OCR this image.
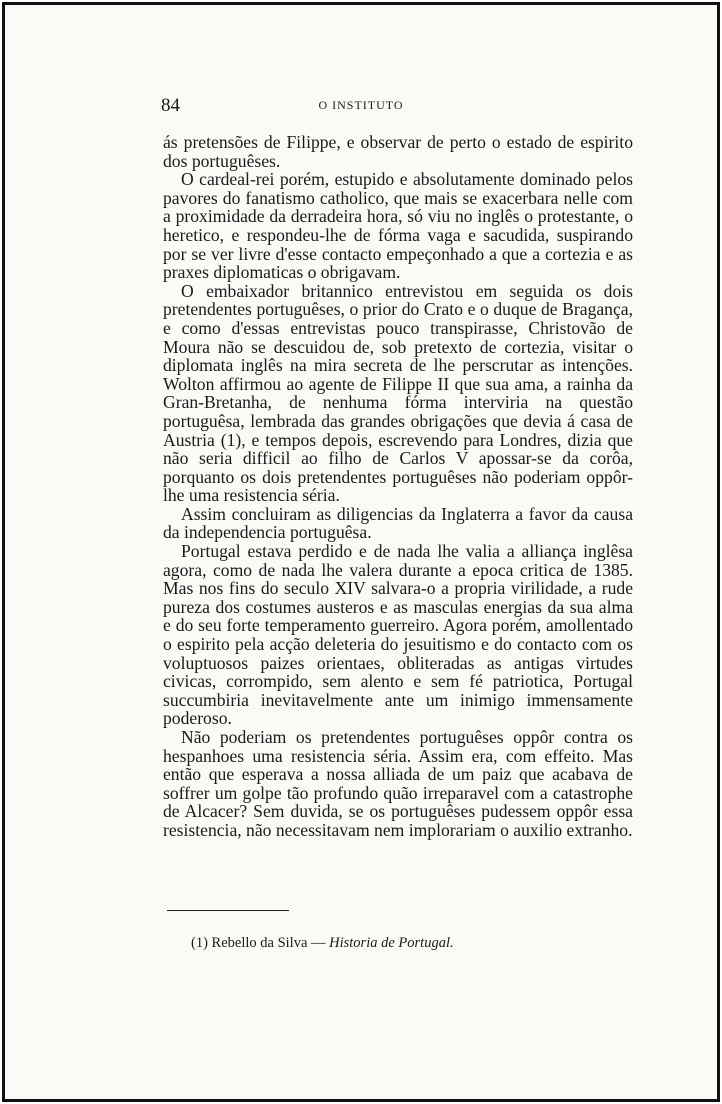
84	O INSTITUTO

ás pretensões de Filippe, e observar de perto o estado de espirito dos portuguêses.

O cardeal-rei porém, estupido e absolutamente dominado pelos pavores do fanatismo catholico, que mais se exacerbara nelle com a proximidade da derradeira hora, só viu no inglês o protestante, o heretico, e respondeu-lhe de fórma vaga e sacudida, suspirando por se ver livre d'esse contacto empeçonhado a que a cortezia e as praxes diplomaticas o obrigavam.

O embaixador britannico entrevistou em seguida os dois pretendentes portuguêses, o prior do Crato e o duque de Bragança, e como d'essas entrevistas pouco transpirasse, Christovão de Moura não se descuidou de, sob pretexto de cortezia, visitar o diplomata inglês na mira secreta de lhe perscrutar as intenções. Wolton affirmou ao agente de Filippe II que sua ama, a rainha da Gran-Bretanha, de nenhuma fórma interviria na questão portuguêsa, lembrada das grandes obrigações que devia á casa de Austria (1), e tempos depois, escrevendo para Londres, dizia que não seria difficil ao filho de Carlos V apossar-se da corôa, porquanto os dois pretendentes portuguêses não poderiam oppôr-lhe uma resistencia séria.

Assim concluiram as diligencias da Inglaterra a favor da causa da independencia portuguêsa.

Portugal estava perdido e de nada lhe valia a alliança inglêsa agora, como de nada lhe valera durante a epoca critica de 1385. Mas nos fins do seculo XIV salvara-o a propria virilidade, a rude pureza dos costumes austeros e as masculas energias da sua alma e do seu forte temperamento guerreiro. Agora porém, amollentado o espirito pela acção deleteria do jesuitismo e do contacto com os voluptuosos paizes orientaes, obliteradas as antigas virtudes civicas, corrompido, sem alento e sem fé patriotica, Portugal succumbiria inevitavelmente ante um inimigo immensamente poderoso.

Não poderiam os pretendentes portuguêses oppôr contra os hespanhoes uma resistencia séria. Assim era, com effeito. Mas então que esperava a nossa alliada de um paiz que acabava de soffrer um golpe tão profundo quão irreparavel com a catastrophe de Alcacer? Sem duvida, se os portuguêses pudessem oppôr essa resistencia, não necessitavam nem implorariam o auxilio extranho.

(1) Rebello da Silva — Historia de Portugal.
